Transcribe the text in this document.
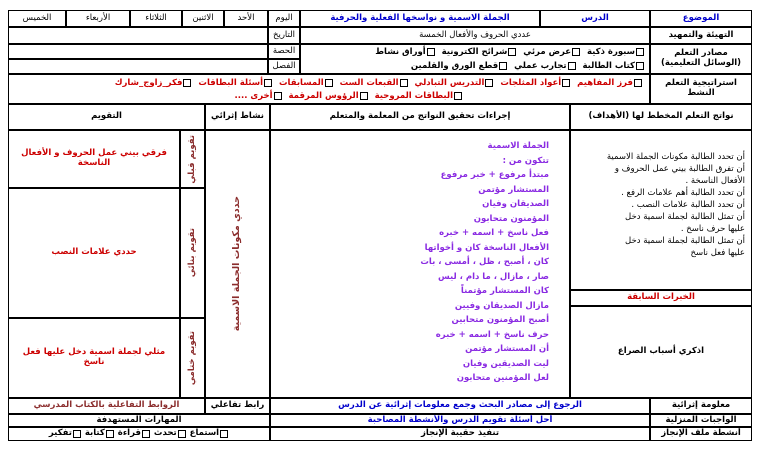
الموضوع
الدرس
الجملة الاسمية و نواسخها الفعلية والحرفية
اليوم
الأحد
الاثنين
الثلاثاء
الأربعاء
الخميس
التهيئة والتمهيد
عددي الحروف والأفعال الخمسة
التاريخ
مصادر التعلم
(الوسائل التعليمية)
سبورة ذكية  عرض مرئي  شرائح الكترونية  أوراق نشاط
كتاب الطالبة  تجارب عملي  قطع الورق والقلمين
الحصة
الفصل
استراتيجية التعلم النشط
فرز المفاهيم  أعواد المثلجات  التدريس التبادلي  القبعات الست  المسابقات  أسئلة البطاقات  فكر_زاوج_شارك
البطاقات المروحية  الرؤوس المرقمة  أخرى ....
نواتج التعلم المخطط لها (الأهداف)
إجراءات تحقيق النواتج من المعلمة والمتعلم
نشاط إثرائي
التقويم
أن تحدد الطالبة مكونات الجملة الاسمية
أن تفرق الطالبة بيني عمل الحروف و
الأفعال الناسخة .
أن تحدد الطالبة أهم علامات الرفع .
أن تحدد الطالبة علامات النصب .
أن تمثل الطالبة لجملة اسمية دخل
عليها حرف ناسخ .
أن تمثل الطالبة لجملة اسمية دخل
عليها فعل ناسخ
الخبرات السابقة
اذكري أسباب الصراع
الجملة الاسمية
تتكون من :
مبتدأ مرفوع + خبر مرفوع
المستشار مؤتمن
الصديقان وفيان
المؤمنون متحابون
فعل ناسخ + اسمه + خبره
الأفعال الناسخة كان و أخواتها
كان ، أصبح ، ظل ، أمسى ، بات
صار ، مازال ، ما دام ، ليس
كان المستشار مؤتمناً
مازال الصديقان وفيين
أصبح المؤمنون متحابين
حرف ناسخ + اسمه + خبره
أن المستشار مؤتمن
ليت الصديقين وفيان
لعل المؤمنين متحابون
حددي مكونات الجملة الاسمية
تقويم قبلي
فرقي بيني عمل الحروف و الأفعال الناسخة
تقويم بنائي
حددي علامات النصب
تقويم ختامي
مثلي لجملة اسمية دخل عليها فعل ناسخ
معلومة إثرائية
الرجوع إلى مصادر البحث وجمع معلومات إثرائية عن الدرس
رابط تفاعلي
الروابط التفاعلية بالكتاب المدرسي
الواجبات المنزلية
أحل أسئلة تقويم الدرس والأنشطة المصاحبة
المهارات المستهدفة
أنشطة ملف الإنجاز
تنفيذ حقيبة الإنجاز
استماع

تحدث

قراءة

كتابة

تفكير
